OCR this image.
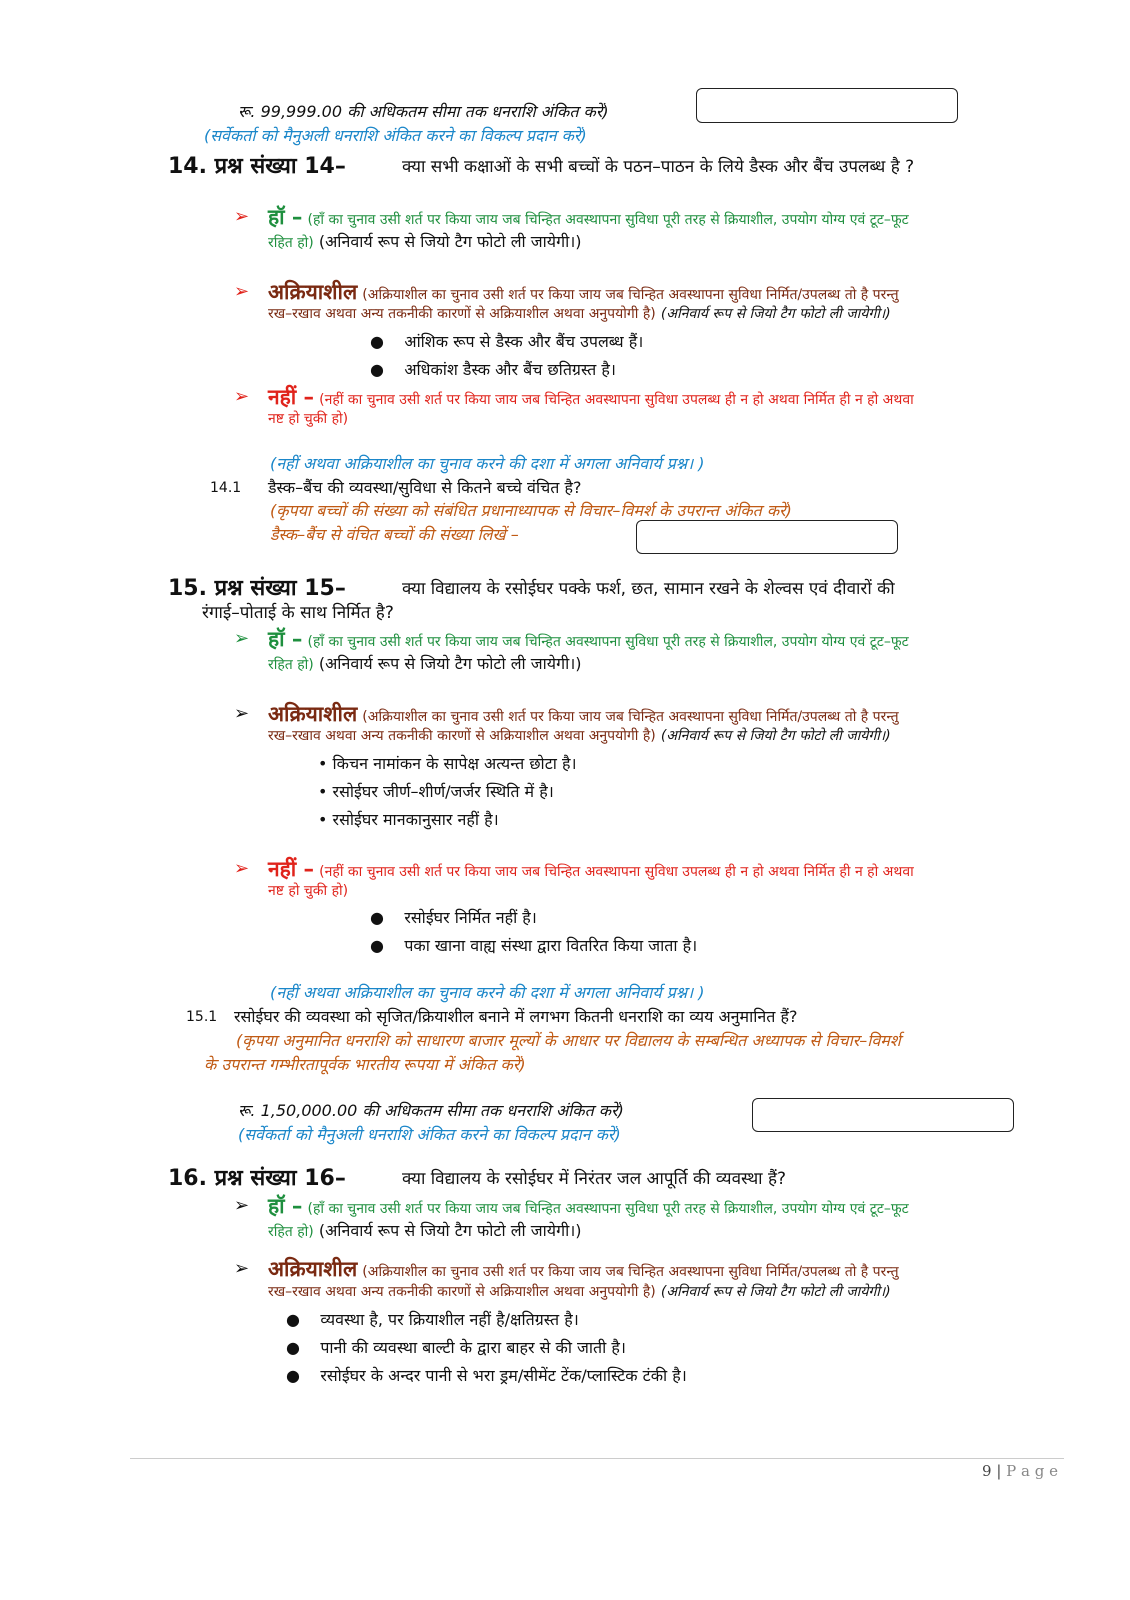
रू. 99,999.00 की अधिकतम सीमा तक धनराशि अंकित करें)
(सर्वेकर्ता को मैनुअली धनराशि अंकित करने का विकल्प प्रदान करें)
14. प्रश्न संख्या 14–	क्या सभी कक्षाओं के सभी बच्चों के पठन–पाठन के लिये डैस्क और बैंच उपलब्ध है ?
➢ हॉ – (हाँ का चुनाव उसी शर्त पर किया जाय जब चिन्हित अवस्थापना सुविधा पूरी तरह से क्रियाशील, उपयोग योग्य एवं टूट–फूट
रहित हो) (अनिवार्य रूप से जियो टैग फोटो ली जायेगी।)
➢ अक्रियाशील (अक्रियाशील का चुनाव उसी शर्त पर किया जाय जब चिन्हित अवस्थापना सुविधा निर्मित/उपलब्ध तो है परन्तु
रख–रखाव अथवा अन्य तकनीकी कारणों से अक्रियाशील अथवा अनुपयोगी है) (अनिवार्य रूप से जियो टैग फोटो ली जायेगी।)
●    आंशिक रूप से डैस्क और बैंच उपलब्ध हैं।
●    अधिकांश डैस्क और बैंच छतिग्रस्त है।
➢ नहीं – (नहीं का चुनाव उसी शर्त पर किया जाय जब चिन्हित अवस्थापना सुविधा उपलब्ध ही न हो अथवा निर्मित ही न हो अथवा
नष्ट हो चुकी हो)
(नहीं अथवा अक्रियाशील का चुनाव करने की दशा में अगला अनिवार्य प्रश्न। )
14.1 डैस्क–बैंच की व्यवस्था/सुविधा से कितने बच्चे वंचित है?
(कृपया बच्चों की संख्या को संबंधित प्रधानाध्यापक से विचार–विमर्श के उपरान्त अंकित करें)
डैस्क–बैंच से वंचित बच्चों की संख्या लिखें –
15. प्रश्न संख्या 15–	क्या विद्यालय के रसोईघर पक्के फर्श, छत, सामान रखने के शेल्वस एवं दीवारों की
रंगाई–पोताई के साथ निर्मित है?
➢ हॉ – (हाँ का चुनाव उसी शर्त पर किया जाय जब चिन्हित अवस्थापना सुविधा पूरी तरह से क्रियाशील, उपयोग योग्य एवं टूट–फूट
रहित हो) (अनिवार्य रूप से जियो टैग फोटो ली जायेगी।)
➢ अक्रियाशील (अक्रियाशील का चुनाव उसी शर्त पर किया जाय जब चिन्हित अवस्थापना सुविधा निर्मित/उपलब्ध तो है परन्तु
रख–रखाव अथवा अन्य तकनीकी कारणों से अक्रियाशील अथवा अनुपयोगी है) (अनिवार्य रूप से जियो टैग फोटो ली जायेगी।)
• किचन नामांकन के सापेक्ष अत्यन्त छोटा है।
• रसोईघर जीर्ण–शीर्ण/जर्जर स्थिति में है।
• रसोईघर मानकानुसार नहीं है।
➢ नहीं – (नहीं का चुनाव उसी शर्त पर किया जाय जब चिन्हित अवस्थापना सुविधा उपलब्ध ही न हो अथवा निर्मित ही न हो अथवा
नष्ट हो चुकी हो)
●    रसोईघर निर्मित नहीं है।
●    पका खाना वाह्य संस्था द्वारा वितरित किया जाता है।
(नहीं अथवा अक्रियाशील का चुनाव करने की दशा में अगला अनिवार्य प्रश्न। )
15.1 रसोईघर की व्यवस्था को सृजित/क्रियाशील बनाने में लगभग कितनी धनराशि का व्यय अनुमानित हैं?
(कृपया अनुमानित धनराशि को साधारण बाजार मूल्यों के आधार पर विद्यालय के सम्बन्धित अध्यापक से विचार–विमर्श
के उपरान्त गम्भीरतापूर्वक भारतीय रूपया में अंकित करें)
रू. 1,50,000.00 की अधिकतम सीमा तक धनराशि अंकित करें)
(सर्वेकर्ता को मैनुअली धनराशि अंकित करने का विकल्प प्रदान करें)
16. प्रश्न संख्या 16–	क्या विद्यालय के रसोईघर में निरंतर जल आपूर्ति की व्यवस्था हैं?
➢ हॉ – (हाँ का चुनाव उसी शर्त पर किया जाय जब चिन्हित अवस्थापना सुविधा पूरी तरह से क्रियाशील, उपयोग योग्य एवं टूट–फूट
रहित हो) (अनिवार्य रूप से जियो टैग फोटो ली जायेगी।)
➢ अक्रियाशील (अक्रियाशील का चुनाव उसी शर्त पर किया जाय जब चिन्हित अवस्थापना सुविधा निर्मित/उपलब्ध तो है परन्तु
रख–रखाव अथवा अन्य तकनीकी कारणों से अक्रियाशील अथवा अनुपयोगी है) (अनिवार्य रूप से जियो टैग फोटो ली जायेगी।)
●    व्यवस्था है, पर क्रियाशील नहीं है/क्षतिग्रस्त है।
●    पानी की व्यवस्था बाल्टी के द्वारा बाहर से की जाती है।
●    रसोईघर के अन्दर पानी से भरा ड्रम/सीमेंट टेंक/प्लास्टिक टंकी है।
9 | P a g e
